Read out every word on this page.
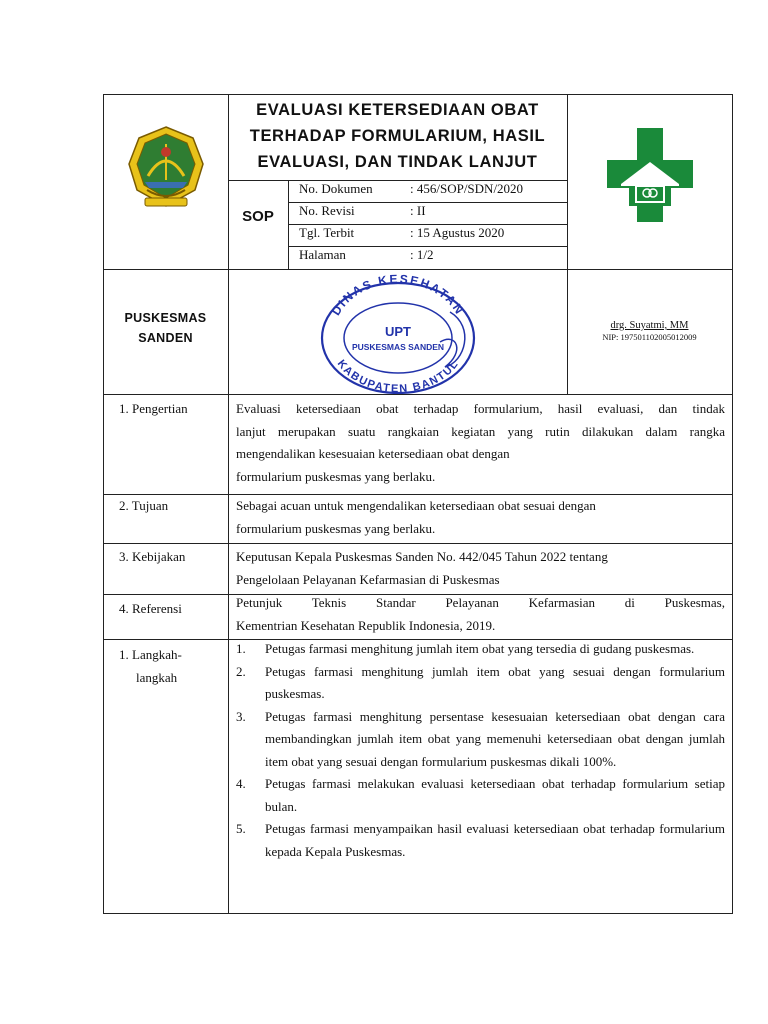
EVALUASI KETERSEDIAAN OBAT
TERHADAP FORMULARIUM, HASIL
EVALUASI, DAN TINDAK LANJUT
SOP
No. Dokumen	: 456/SOP/SDN/2020
No. Revisi	: II
Tgl. Terbit	: 15 Agustus 2020
Halaman	: 1/2
PUSKESMAS
SANDEN
DINAS KESEHATAN
KABUPATEN BANTUL
UPT
PUSKESMAS SANDEN
drg. Suyatmi, MM
NIP: 197501102005012009
1. Pengertian	Evaluasi ketersediaan obat terhadap formularium, hasil evaluasi, dan tindak
lanjut merupakan suatu rangkaian kegiatan yang rutin dilakukan dalam rangka
mengendalikan kesesuaian ketersediaan obat dengan
formularium puskesmas yang berlaku.
2. Tujuan	Sebagai acuan untuk mengendalikan ketersediaan obat sesuai dengan
formularium puskesmas yang berlaku.
3. Kebijakan	Keputusan Kepala Puskesmas Sanden No. 442/045 Tahun 2022 tentang
Pengelolaan Pelayanan Kefarmasian di Puskesmas
4. Referensi	Petunjuk Teknis Standar Pelayanan Kefarmasian di Puskesmas,
Kementrian Kesehatan Republik Indonesia, 2019.
1. Langkah-
langkah
1. Petugas farmasi menghitung jumlah item obat yang tersedia di gudang puskesmas.
2. Petugas farmasi menghitung jumlah item obat yang sesuai dengan formularium puskesmas.
3. Petugas farmasi menghitung persentase kesesuaian ketersediaan obat dengan cara membandingkan jumlah item obat yang memenuhi ketersediaan obat dengan jumlah item obat yang sesuai dengan formularium puskesmas dikali 100%.
4. Petugas farmasi melakukan evaluasi ketersediaan obat terhadap formularium setiap bulan.
5. Petugas farmasi menyampaikan hasil evaluasi ketersediaan obat terhadap formularium kepada Kepala Puskesmas.
